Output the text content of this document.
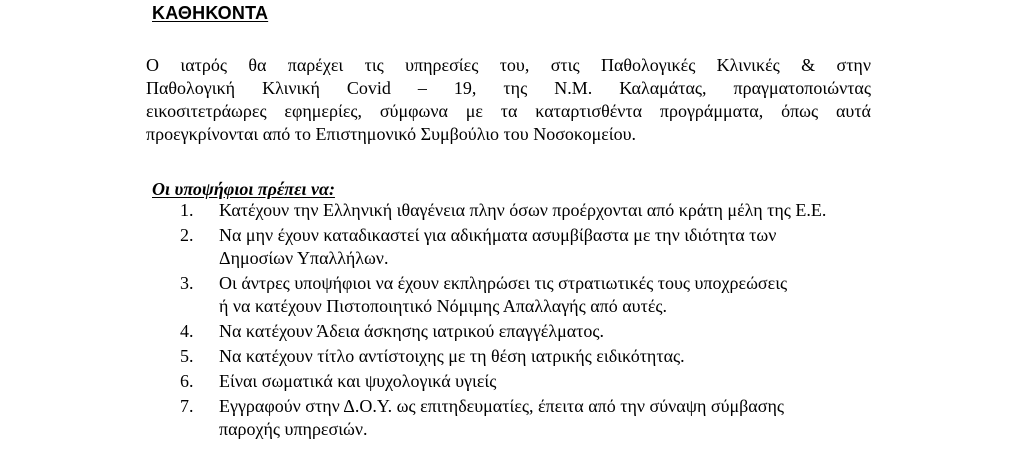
ΚΑΘΗΚΟΝΤΑ

Ο ιατρός θα παρέχει τις υπηρεσίες του, στις Παθολογικές Κλινικές & στην
Παθολογική Κλινική Covid – 19, της Ν.Μ. Καλαμάτας, πραγματοποιώντας
εικοσιτετράωρες εφημερίες, σύμφωνα με τα καταρτισθέντα προγράμματα, όπως αυτά
προεγκρίνονται από το Επιστημονικό Συμβούλιο του Νοσοκομείου.

Οι υποψήφιοι πρέπει να:
1. Κατέχουν την Ελληνική ιθαγένεια πλην όσων προέρχονται από κράτη μέλη της Ε.Ε.
2. Να μην έχουν καταδικαστεί για αδικήματα ασυμβίβαστα με την ιδιότητα των
Δημοσίων Υπαλλήλων.
3. Οι άντρες υποψήφιοι να έχουν εκπληρώσει τις στρατιωτικές τους υποχρεώσεις
ή να κατέχουν Πιστοποιητικό Νόμιμης Απαλλαγής από αυτές.
4. Να κατέχουν Άδεια άσκησης ιατρικού επαγγέλματος.
5. Να κατέχουν τίτλο αντίστοιχης με τη θέση ιατρικής ειδικότητας.
6. Είναι σωματικά και ψυχολογικά υγιείς
7. Εγγραφούν στην Δ.Ο.Υ. ως επιτηδευματίες, έπειτα από την σύναψη σύμβασης
παροχής υπηρεσιών.
